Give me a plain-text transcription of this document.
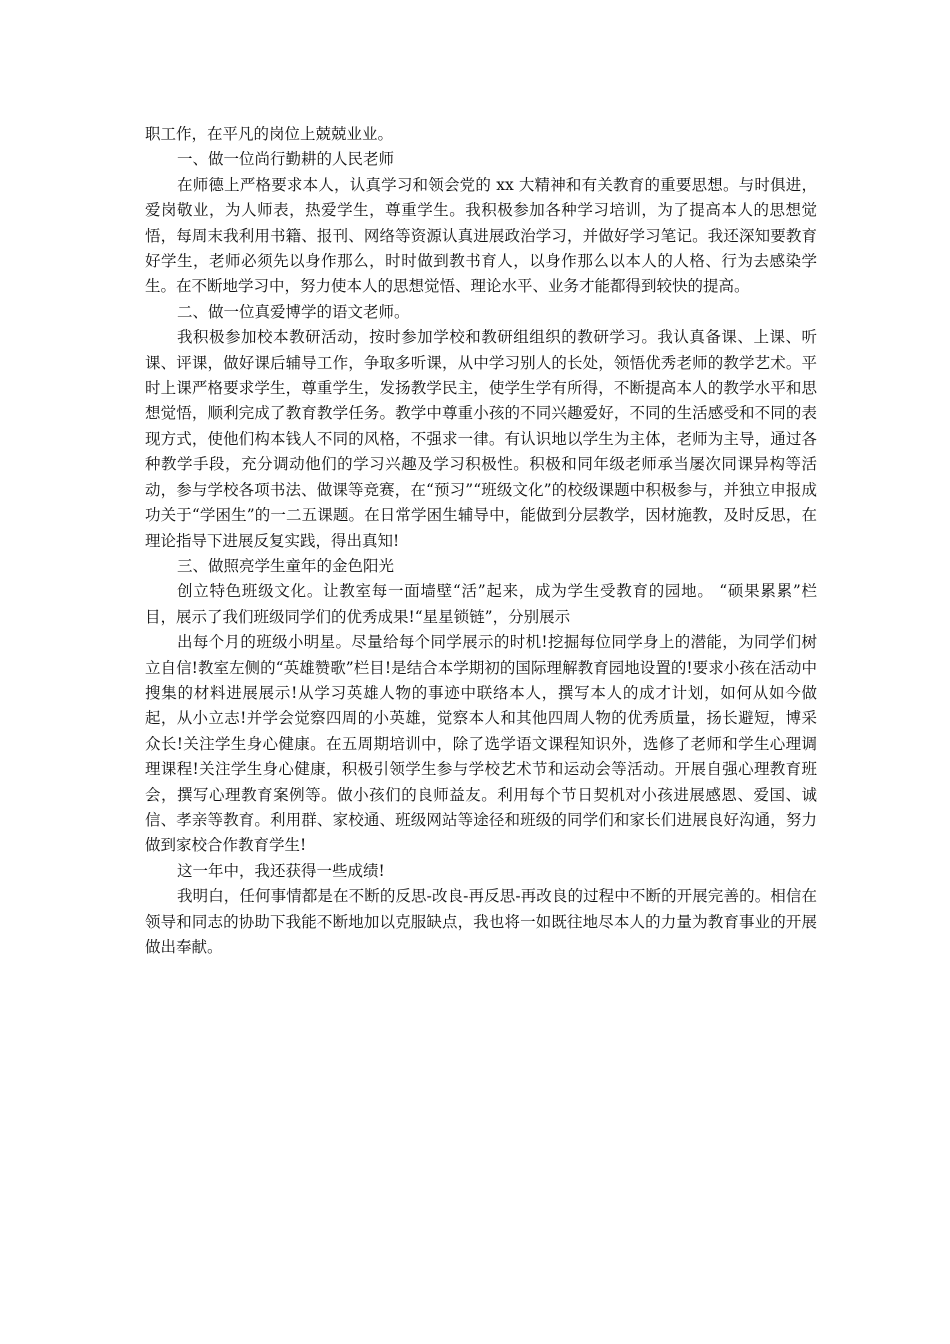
职工作，在平凡的岗位上兢兢业业。

一、做一位尚行勤耕的人民老师

在师德上严格要求本人，认真学习和领会党的 xx 大精神和有关教育的重要思想。与时俱进，爱岗敬业，为人师表，热爱学生，尊重学生。我积极参加各种学习培训，为了提高本人的思想觉悟，每周末我利用书籍、报刊、网络等资源认真进展政治学习，并做好学习笔记。我还深知要教育好学生，老师必须先以身作那么，时时做到教书育人，以身作那么以本人的人格、行为去感染学生。在不断地学习中，努力使本人的思想觉悟、理论水平、业务才能都得到较快的提高。

二、做一位真爱博学的语文老师。

我积极参加校本教研活动，按时参加学校和教研组组织的教研学习。我认真备课、上课、听课、评课，做好课后辅导工作，争取多听课，从中学习别人的长处，领悟优秀老师的教学艺术。平时上课严格要求学生，尊重学生，发扬教学民主，使学生学有所得，不断提高本人的教学水平和思想觉悟，顺利完成了教育教学任务。教学中尊重小孩的不同兴趣爱好，不同的生活感受和不同的表现方式，使他们构本钱人不同的风格，不强求一律。有认识地以学生为主体，老师为主导，通过各种教学手段，充分调动他们的学习兴趣及学习积极性。积极和同年级老师承当屡次同课异构等活动，参与学校各项书法、做课等竞赛，在“预习”“班级文化”的校级课题中积极参与，并独立申报成功关于“学困生”的一二五课题。在日常学困生辅导中，能做到分层教学，因材施教，及时反思，在理论指导下进展反复实践，得出真知!

三、做照亮学生童年的金色阳光

创立特色班级文化。让教室每一面墙壁“活”起来，成为学生受教育的园地。 “硕果累累”栏目，展示了我们班级同学们的优秀成果!“星星锁链”，分别展示

出每个月的班级小明星。尽量给每个同学展示的时机!挖掘每位同学身上的潜能，为同学们树立自信!教室左侧的“英雄赞歌”栏目!是结合本学期初的国际理解教育园地设置的!要求小孩在活动中搜集的材料进展展示!从学习英雄人物的事迹中联络本人，撰写本人的成才计划，如何从如今做起，从小立志!并学会觉察四周的小英雄，觉察本人和其他四周人物的优秀质量，扬长避短，博采众长!关注学生身心健康。在五周期培训中，除了选学语文课程知识外，选修了老师和学生心理调理课程!关注学生身心健康，积极引领学生参与学校艺术节和运动会等活动。开展自强心理教育班会，撰写心理教育案例等。做小孩们的良师益友。利用每个节日契机对小孩进展感恩、爱国、诚信、孝亲等教育。利用群、家校通、班级网站等途径和班级的同学们和家长们进展良好沟通，努力做到家校合作教育学生!

这一年中，我还获得一些成绩!

我明白，任何事情都是在不断的反思-改良-再反思-再改良的过程中不断的开展完善的。相信在领导和同志的协助下我能不断地加以克服缺点，我也将一如既往地尽本人的力量为教育事业的开展做出奉献。
